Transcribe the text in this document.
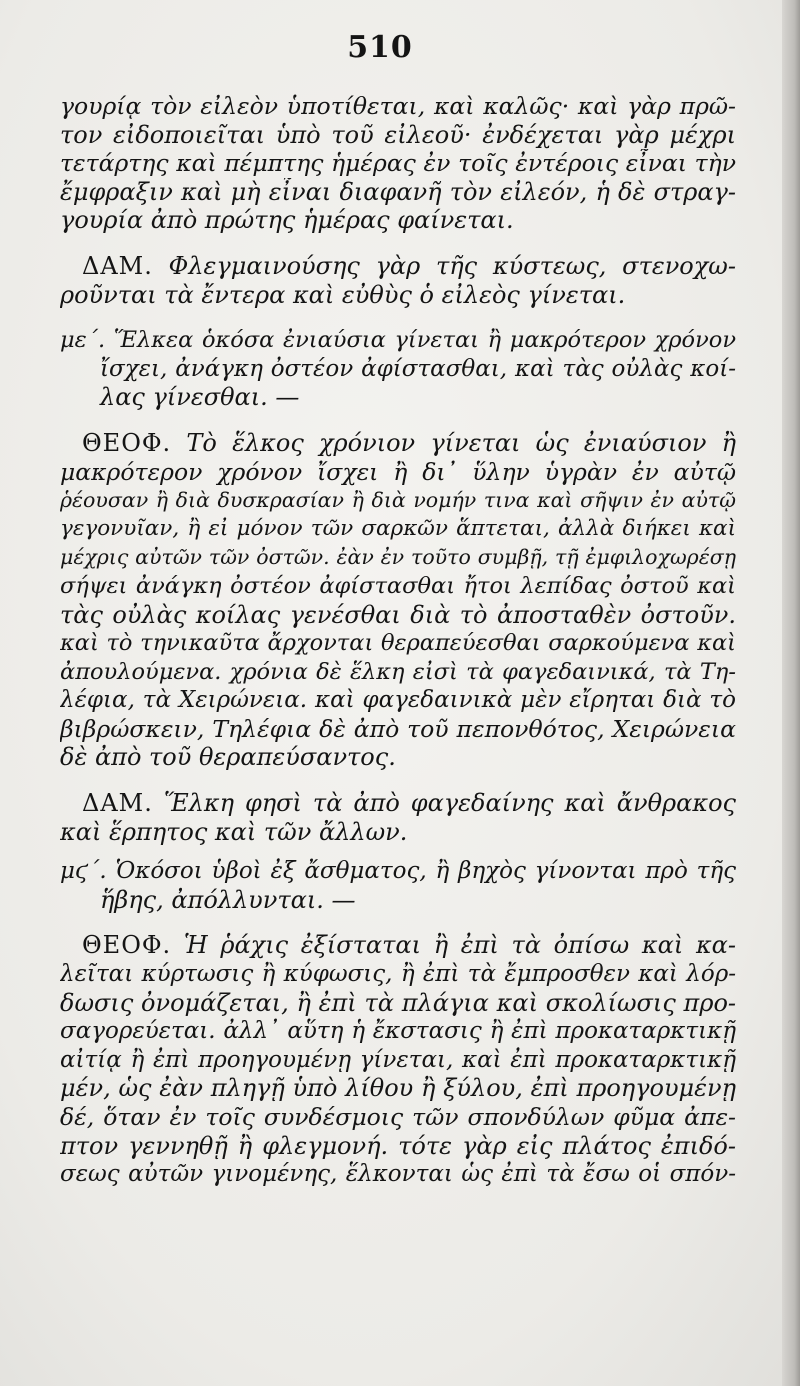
510
γουρίᾳ τὸν εἰλεὸν ὑποτίθεται, καὶ καλῶς· καὶ γὰρ πρῶ-
τον εἰδοποιεῖται ὑπὸ τοῦ εἰλεοῦ· ἐνδέχεται γὰρ μέχρι
τετάρτης καὶ πέμπτης ἡμέρας ἐν τοῖς ἐντέροις εἶναι τὴν
ἔμφραξιν καὶ μὴ εἶναι διαφανῆ τὸν εἰλεόν, ἡ δὲ στραγ-
γουρία ἀπὸ πρώτης ἡμέρας φαίνεται.
ΔΑΜ. Φλεγμαινούσης γὰρ τῆς κύστεως, στενοχω-
ροῦνται τὰ ἔντερα καὶ εὐθὺς ὁ εἰλεὸς γίνεται.
με΄. Ἕλκεα ὁκόσα ἐνιαύσια γίνεται ἢ μακρότερον χρόνον
ἴσχει, ἀνάγκη ὀστέον ἀφίστασθαι, καὶ τὰς οὐλὰς κοί-
λας γίνεσθαι. —
ΘΕΟΦ. Τὸ ἕλκος χρόνιον γίνεται ὡς ἐνιαύσιον ἢ
μακρότερον χρόνον ἴσχει ἢ δι᾽ ὕλην ὑγρὰν ἐν αὐτῷ
ῥέουσαν ἢ διὰ δυσκρασίαν ἢ διὰ νομήν τινα καὶ σῆψιν ἐν αὐτῷ
γεγονυῖαν, ἢ εἰ μόνον τῶν σαρκῶν ἅπτεται, ἀλλὰ διήκει καὶ
μέχρις αὐτῶν τῶν ὀστῶν. ἐὰν ἐν τοῦτο συμβῇ, τῇ ἐμφιλοχωρέσῃ
σήψει ἀνάγκη ὀστέον ἀφίστασθαι ἤτοι λεπίδας ὀστοῦ καὶ
τὰς οὐλὰς κοίλας γενέσθαι διὰ τὸ ἀποσταθὲν ὀστοῦν.
καὶ τὸ τηνικαῦτα ἄρχονται θεραπεύεσθαι σαρκούμενα καὶ
ἀπουλούμενα. χρόνια δὲ ἕλκη εἰσὶ τὰ φαγεδαινικά, τὰ Τη-
λέφια, τὰ Χειρώνεια. καὶ φαγεδαινικὰ μὲν εἴρηται διὰ τὸ
βιβρώσκειν, Τηλέφια δὲ ἀπὸ τοῦ πεπονθότος, Χειρώνεια
δὲ ἀπὸ τοῦ θεραπεύσαντος.
ΔΑΜ. Ἕλκη φησὶ τὰ ἀπὸ φαγεδαίνης καὶ ἄνθρακος
καὶ ἕρπητος καὶ τῶν ἄλλων.
μϛ΄. Ὁκόσοι ὑβοὶ ἐξ ἄσθματος, ἢ βηχὸς γίνονται πρὸ τῆς
ἥβης, ἀπόλλυνται. —
ΘΕΟΦ. Ἡ ῥάχις ἐξίσταται ἢ ἐπὶ τὰ ὀπίσω καὶ κα-
λεῖται κύρτωσις ἢ κύφωσις, ἢ ἐπὶ τὰ ἔμπροσθεν καὶ λόρ-
δωσις ὀνομάζεται, ἢ ἐπὶ τὰ πλάγια καὶ σκολίωσις προ-
σαγορεύεται. ἀλλ᾽ αὕτη ἡ ἔκστασις ἢ ἐπὶ προκαταρκτικῇ
αἰτίᾳ ἢ ἐπὶ προηγουμένῃ γίνεται, καὶ ἐπὶ προκαταρκτικῇ
μέν, ὡς ἐὰν πληγῇ ὑπὸ λίθου ἢ ξύλου, ἐπὶ προηγουμένῃ
δέ, ὅταν ἐν τοῖς συνδέσμοις τῶν σπονδύλων φῦμα ἀπε-
πτον γεννηθῇ ἢ φλεγμονή. τότε γὰρ εἰς πλάτος ἐπιδό-
σεως αὐτῶν γινομένης, ἕλκονται ὡς ἐπὶ τὰ ἔσω οἱ σπόν-
